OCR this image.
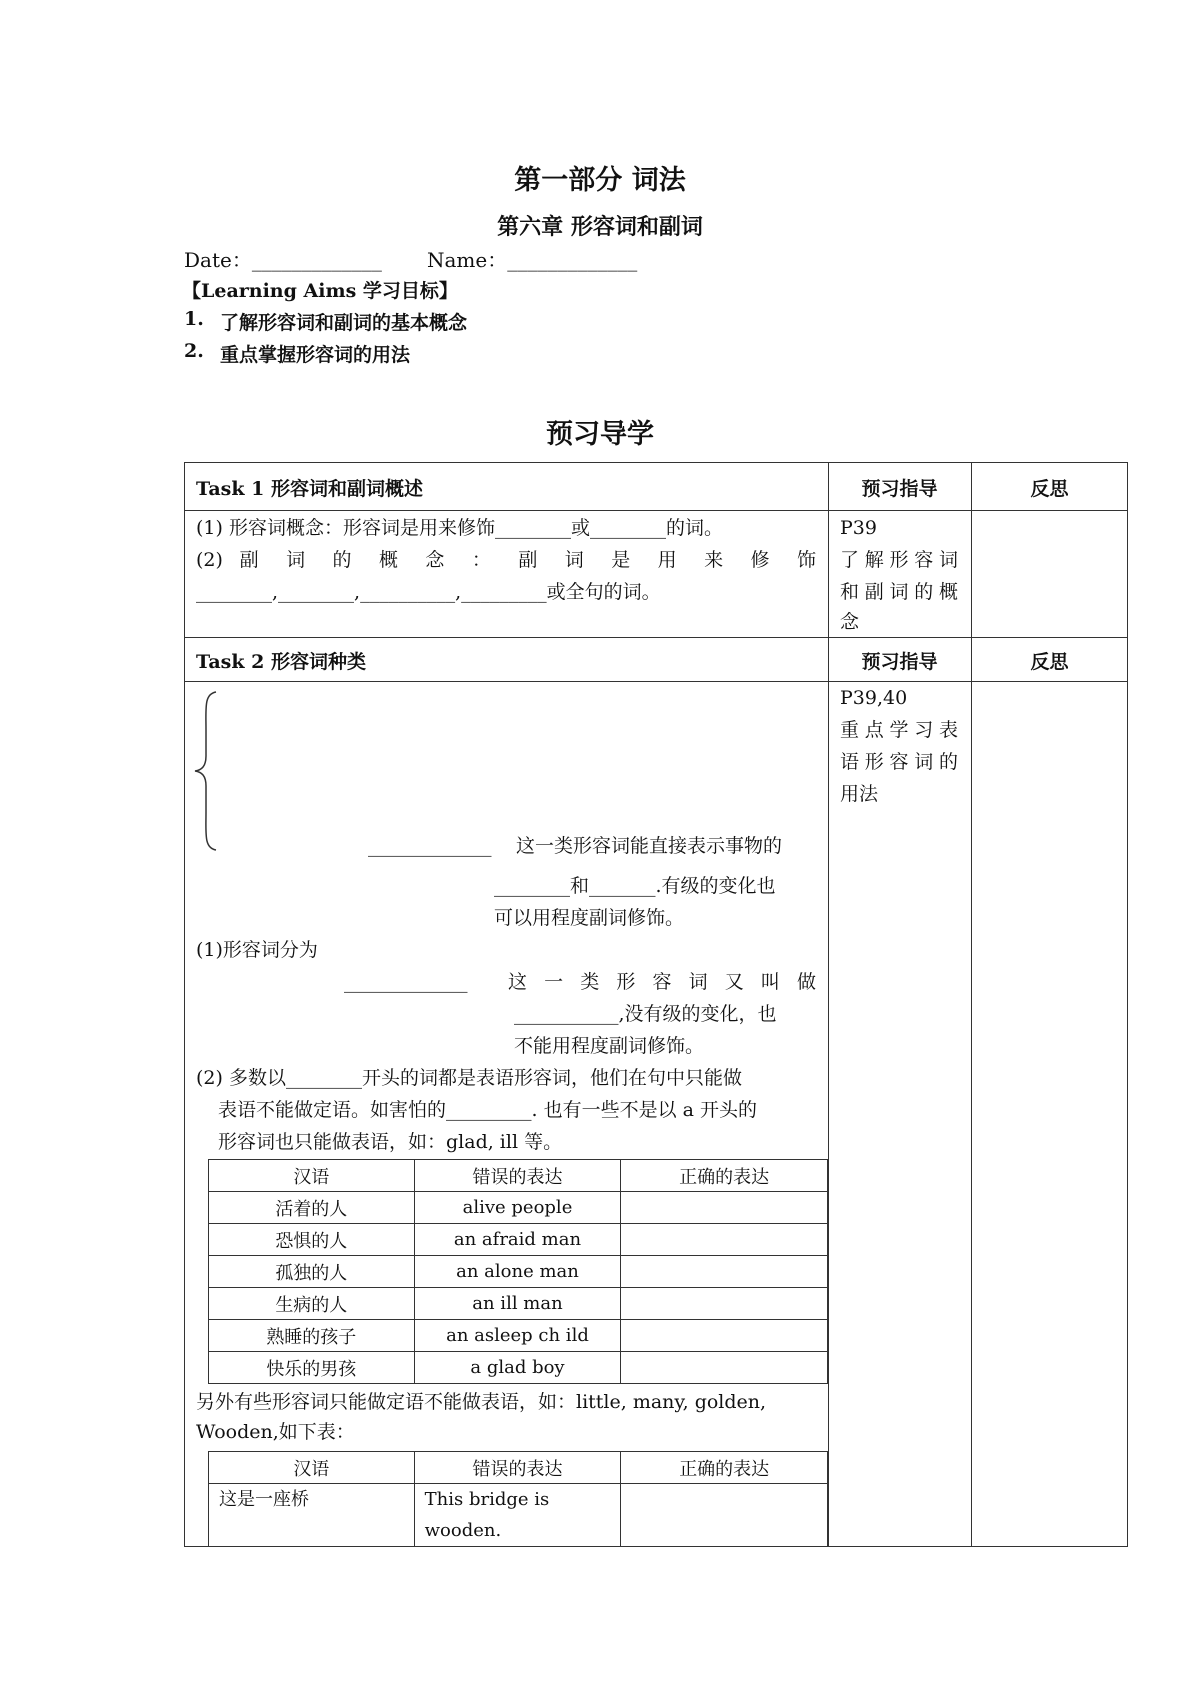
第一部分 词法
第六章 形容词和副词
Date：_____________ Name：_____________
【Learning Aims 学习目标】
1. 了解形容词和副词的基本概念
2. 重点掌握形容词的用法
预习导学
Task 1 形容词和副词概述	预习指导	反思
(1) 形容词概念：形容词是用来修饰________或________的词。
(2) 副 词 的 概 念 ： 副 词 是 用 来 修 饰
________,________,__________,_________或全句的词。
P39
了解形容词
和副词的概
念
Task 2 形容词种类	预习指导	反思
P39,40
重点学习表
语形容词的
用法
_____________ 这一类形容词能直接表示事物的
________和_______.有级的变化也
可以用程度副词修饰。
(1)形容词分为
_____________ 这 一 类 形 容 词 又 叫 做
___________,没有级的变化，也
不能用程度副词修饰。
(2) 多数以________开头的词都是表语形容词，他们在句中只能做
表语不能做定语。如害怕的_________. 也有一些不是以 a 开头的
形容词也只能做表语，如：glad, ill 等。
汉语	错误的表达	正确的表达
活着的人	alive people	
恐惧的人	an afraid man	
孤独的人	an alone man	
生病的人	an ill man	
熟睡的孩子	an asleep ch ild	
快乐的男孩	a glad boy	
另外有些形容词只能做定语不能做表语，如：little, many, golden,
Wooden,如下表：
汉语	错误的表达	正确的表达
这是一座桥	This bridge is wooden.	
